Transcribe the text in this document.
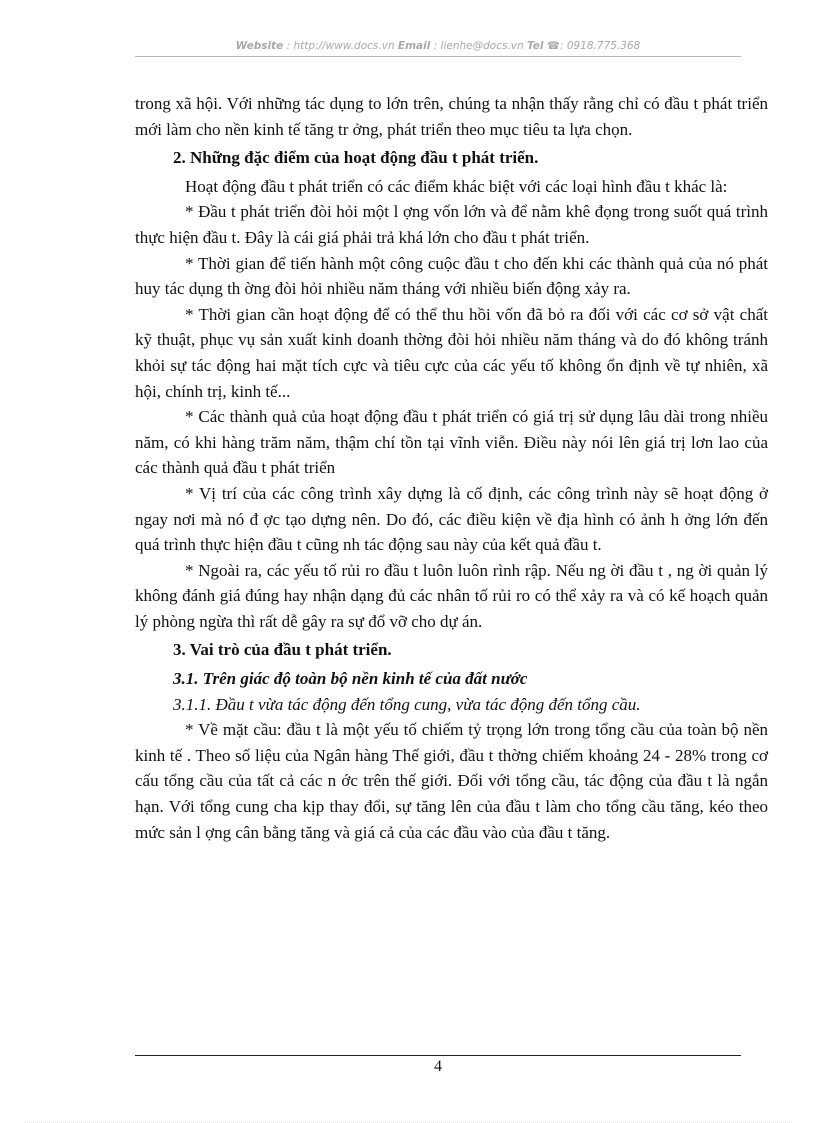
Website : http://www.docs.vn Email : lienhe@docs.vn Tel ☎: 0918.775.368

trong xã hội. Với những tác dụng to lớn trên, chúng ta nhận thấy rằng chỉ có đầu t phát triển mới làm cho nền kinh tế tăng tr ởng, phát triển theo mục tiêu ta lựa chọn.

2. Những đặc điểm của hoạt động đầu t phát triển.

Hoạt động đầu t phát triển có các điểm khác biệt với các loại hình đầu t khác là:

* Đầu t phát triển đòi hỏi một l ợng vốn lớn và để nằm khê đọng trong suốt quá trình thực hiện đầu t. Đây là cái giá phải trả khá lớn cho đầu t phát triển.

* Thời gian để tiến hành một công cuộc đầu t cho đến khi các thành quả của nó phát huy tác dụng th ờng đòi hỏi nhiều năm tháng với nhiều biến động xảy ra.

* Thời gian cần hoạt động để có thể thu hồi vốn đã bỏ ra đối với các cơ sở vật chất kỹ thuật, phục vụ sản xuất kinh doanh thờng đòi hỏi nhiều năm tháng và do đó không tránh khỏi sự tác động hai mặt tích cực và tiêu cực của các yếu tố không ổn định về tự nhiên, xã hội, chính trị, kinh tế...

* Các thành quả của hoạt động đầu t phát triển có giá trị sử dụng lâu dài trong nhiều năm, có khi hàng trăm năm, thậm chí tồn tại vĩnh viễn. Điều này nói lên giá trị lơn lao của các thành quả đầu t phát triển

* Vị trí của các công trình xây dựng là cố định, các công trình này sẽ hoạt động ở ngay nơi mà nó đ ợc tạo dựng nên. Do đó, các điều kiện về địa hình có ảnh h ởng lớn đến quá trình thực hiện đầu t cũng nh tác động sau này của kết quả đầu t.

* Ngoài ra, các yếu tố rủi ro đầu t luôn luôn rình rập. Nếu ng ời đầu t , ng ời quản lý không đánh giá đúng hay nhận dạng đủ các nhân tố rủi ro có thể xảy ra và có kế hoạch quản lý phòng ngừa thì rất dễ gây ra sự đổ vỡ cho dự án.

3. Vai trò của đầu t phát triển.

3.1. Trên giác độ toàn bộ nền kinh tế của đất nước

3.1.1. Đầu t vừa tác động đến tổng cung, vừa tác động đến tổng cầu.

* Về mặt cầu: đầu t là một yếu tố chiếm tỷ trọng lớn trong tổng cầu của toàn bộ nền kinh tế . Theo số liệu của Ngân hàng Thế giới, đầu t thờng chiếm khoảng 24 - 28% trong cơ cấu tổng cầu của tất cả các n ớc trên thế giới. Đối với tổng cầu, tác động của đầu t là ngắn hạn. Với tổng cung cha kịp thay đổi, sự tăng lên của đầu t làm cho tổng cầu tăng, kéo theo mức sản l ợng cân bằng tăng và giá cả của các đầu vào của đầu t tăng.

4
